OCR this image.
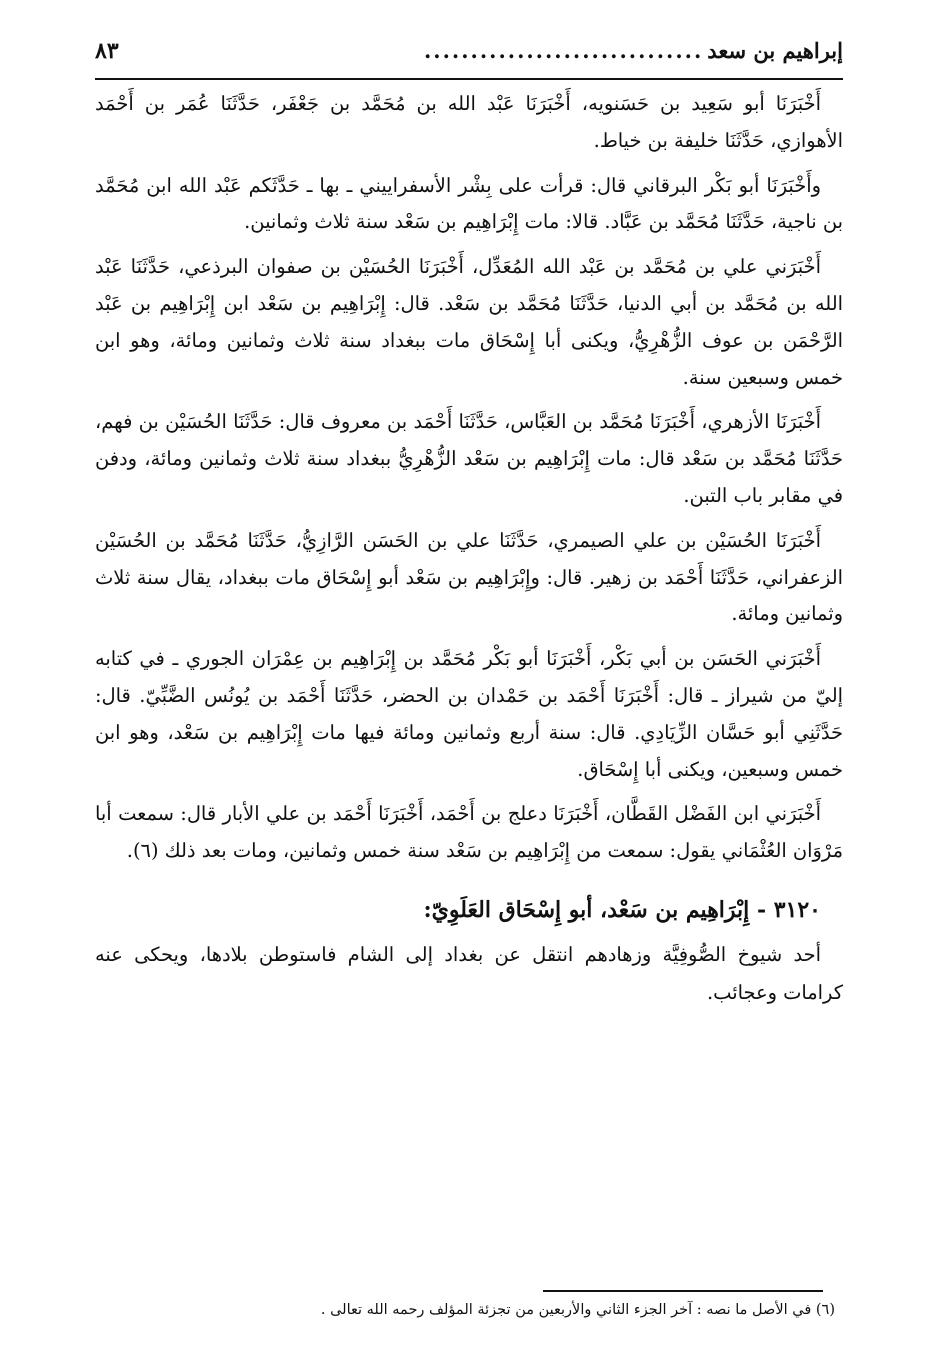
إبراهيم بن سعد
..............................
٨٣

أَخْبَرَنَا أبو سَعِيد بن حَسَنويه، أَخْبَرَنَا عَبْد الله بن مُحَمَّد بن جَعْفَر، حَدَّثَنَا عُمَر بن أَحْمَد الأهوازي، حَدَّثَنَا خليفة بن خياط.

وأَخْبَرَنَا أبو بَكْر البرقاني قال: قرأت على بِشْر الأسفراييني ـ بها ـ حَدَّثَكم عَبْد الله ابن مُحَمَّد بن ناجية، حَدَّثَنَا مُحَمَّد بن عَبَّاد. قالا: مات إِبْرَاهِيم بن سَعْد سنة ثلاث وثمانين.

أَخْبَرَني علي بن مُحَمَّد بن عَبْد الله المُعَدِّل، أَخْبَرَنَا الحُسَيْن بن صفوان البرذعي، حَدَّثَنَا عَبْد الله بن مُحَمَّد بن أبي الدنيا، حَدَّثَنَا مُحَمَّد بن سَعْد. قال: إِبْرَاهِيم بن سَعْد ابن إِبْرَاهِيم بن عَبْد الرَّحْمَن بن عوف الزُّهْرِيُّ، ويكنى أبا إِسْحَاق مات ببغداد سنة ثلاث وثمانين ومائة، وهو ابن خمس وسبعين سنة.

أَخْبَرَنَا الأزهري، أَخْبَرَنَا مُحَمَّد بن العَبَّاس، حَدَّثَنَا أَحْمَد بن معروف قال: حَدَّثَنَا الحُسَيْن بن فهم، حَدَّثَنَا مُحَمَّد بن سَعْد قال: مات إِبْرَاهِيم بن سَعْد الزُّهْرِيُّ ببغداد سنة ثلاث وثمانين ومائة، ودفن في مقابر باب التبن.

أَخْبَرَنَا الحُسَيْن بن علي الصيمري، حَدَّثَنَا علي بن الحَسَن الرَّازِيُّ، حَدَّثَنَا مُحَمَّد بن الحُسَيْن الزعفراني، حَدَّثَنَا أَحْمَد بن زهير. قال: وإِبْرَاهِيم بن سَعْد أبو إِسْحَاق مات ببغداد، يقال سنة ثلاث وثمانين ومائة.

أَخْبَرَني الحَسَن بن أبي بَكْر، أَخْبَرَنَا أبو بَكْر مُحَمَّد بن إِبْرَاهِيم بن عِمْرَان الجوري ـ في كتابه إليّ من شيراز ـ قال: أَخْبَرَنَا أَحْمَد بن حَمْدان بن الحضر، حَدَّثَنَا أَحْمَد بن يُونُس الضَّبِّيّ. قال: حَدَّثَنِي أبو حَسَّان الزِّيَادِي. قال: سنة أربع وثمانين ومائة فيها مات إِبْرَاهِيم بن سَعْد، وهو ابن خمس وسبعين، ويكنى أبا إِسْحَاق.

أَخْبَرَني ابن الفَضْل القَطَّان، أَخْبَرَنَا دعلج بن أَحْمَد، أَخْبَرَنَا أَحْمَد بن علي الأبار قال: سمعت أبا مَرْوَان العُثْمَاني يقول: سمعت من إِبْرَاهِيم بن سَعْد سنة خمس وثمانين، ومات بعد ذلك (٦).

٣١٢٠ - إِبْرَاهِيم بن سَعْد، أبو إِسْحَاق العَلَوِيّ:

أحد شيوخ الصُّوفِيَّة وزهادهم انتقل عن بغداد إلى الشام فاستوطن بلادها، ويحكى عنه كرامات وعجائب.

(٦) في الأصل ما نصه : آخر الجزء الثاني والأربعين من تجزئة المؤلف رحمه الله تعالى .
